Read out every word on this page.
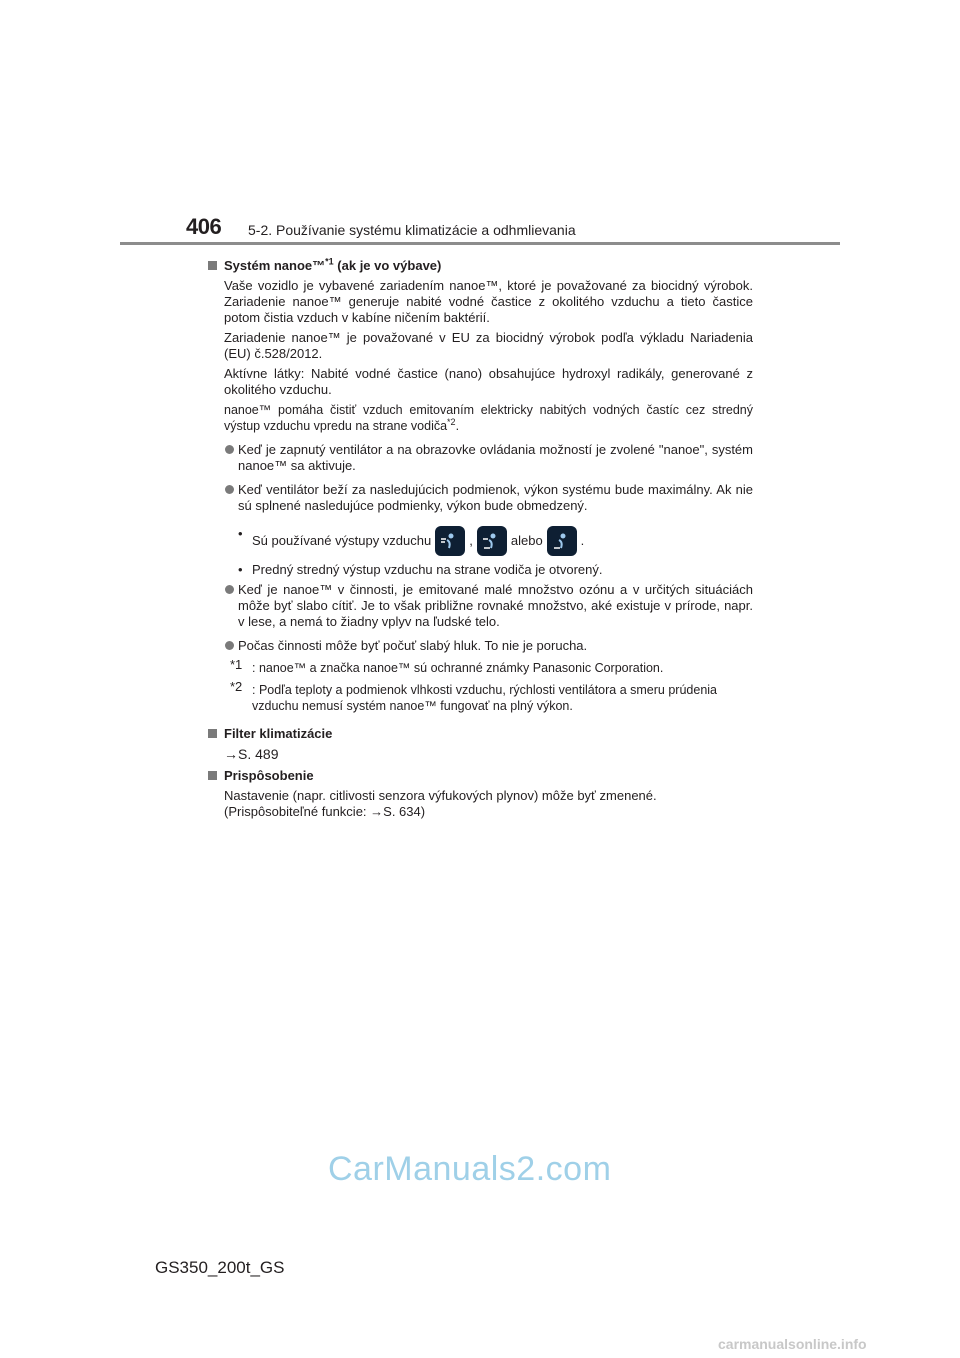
406 5-2. Používanie systému klimatizácie a odhmlievania
Systém nanoe™$^{*1}$ (ak je vo výbave)
Vaše vozidlo je vybavené zariadením nanoe™, ktoré je považované za biocidný výrobok. Zariadenie nanoe™ generuje nabité vodné častice z okolitého vzduchu a tieto častice potom čistia vzduch v kabíne ničením baktérií.
Zariadenie nanoe™ je považované v EU za biocidný výrobok podľa výkladu Nariadenia (EU) č.528/2012.
Aktívne látky: Nabité vodné častice (nano) obsahujúce hydroxyl radikály, generované z okolitého vzduchu.
nanoe™ pomáha čistiť vzduch emitovaním elektricky nabitých vodných častíc cez stredný výstup vzduchu vpredu na strane vodiča$^{*2}$.
Keď je zapnutý ventilátor a na obrazovke ovládania možností je zvolené "nanoe", systém nanoe™ sa aktivuje.
Keď ventilátor beží za nasledujúcich podmienok, výkon systému bude maximálny. Ak nie sú splnené nasledujúce podmienky, výkon bude obmedzený.
• Sú používané výstupy vzduchu	,	alebo	.
• Predný stredný výstup vzduchu na strane vodiča je otvorený.
Keď je nanoe™ v činnosti, je emitované malé množstvo ozónu a v určitých situáciách môže byť slabo cítiť. Je to však približne rovnaké množstvo, aké existuje v prírode, napr. v lese, a nemá to žiadny vplyv na ľudské telo.
Počas činnosti môže byť počuť slabý hluk. To nie je porucha.
*1 : nanoe™ a značka nanoe™ sú ochranné známky Panasonic Corporation.
*2 : Podľa teploty a podmienok vlhkosti vzduchu, rýchlosti ventilátora a smeru prúdenia vzduchu nemusí systém nanoe™ fungovať na plný výkon.
Filter klimatizácie
→S. 489
Prispôsobenie
Nastavenie (napr. citlivosti senzora výfukových plynov) môže byť zmenené.
(Prispôsobiteľné funkcie: →S. 634)
CarManuals2.com
GS350_200t_GS
carmanualsonline.info
